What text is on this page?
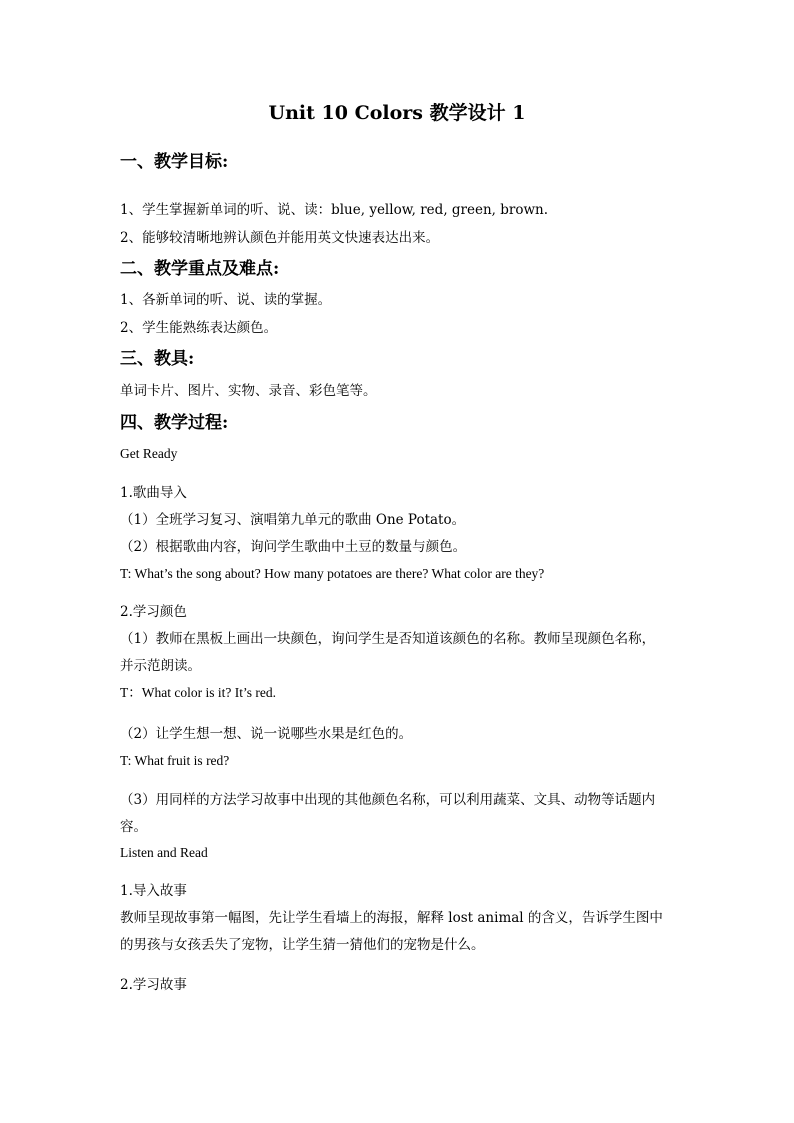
Unit 10 Colors 教学设计 1
一、教学目标:
1、学生掌握新单词的听、说、读：blue, yellow, red, green, brown.
2、能够较清晰地辨认颜色并能用英文快速表达出来。
二、教学重点及难点:
1、各新单词的听、说、读的掌握。
2、学生能熟练表达颜色。
三、教具:
单词卡片、图片、实物、录音、彩色笔等。
四、教学过程:
Get Ready
1.歌曲导入
（1）全班学习复习、演唱第九单元的歌曲 One Potato。
（2）根据歌曲内容，询问学生歌曲中土豆的数量与颜色。
T: What’s the song about? How many potatoes are there? What color are they?
2.学习颜色
（1）教师在黑板上画出一块颜色，询问学生是否知道该颜色的名称。教师呈现颜色名称，
并示范朗读。
T：What color is it? It’s red.
（2）让学生想一想、说一说哪些水果是红色的。
T: What fruit is red?
（3）用同样的方法学习故事中出现的其他颜色名称，可以利用蔬菜、文具、动物等话题内
容。
Listen and Read
1.导入故事
教师呈现故事第一幅图，先让学生看墙上的海报，解释 lost animal 的含义，告诉学生图中
的男孩与女孩丢失了宠物，让学生猜一猜他们的宠物是什么。
2.学习故事
